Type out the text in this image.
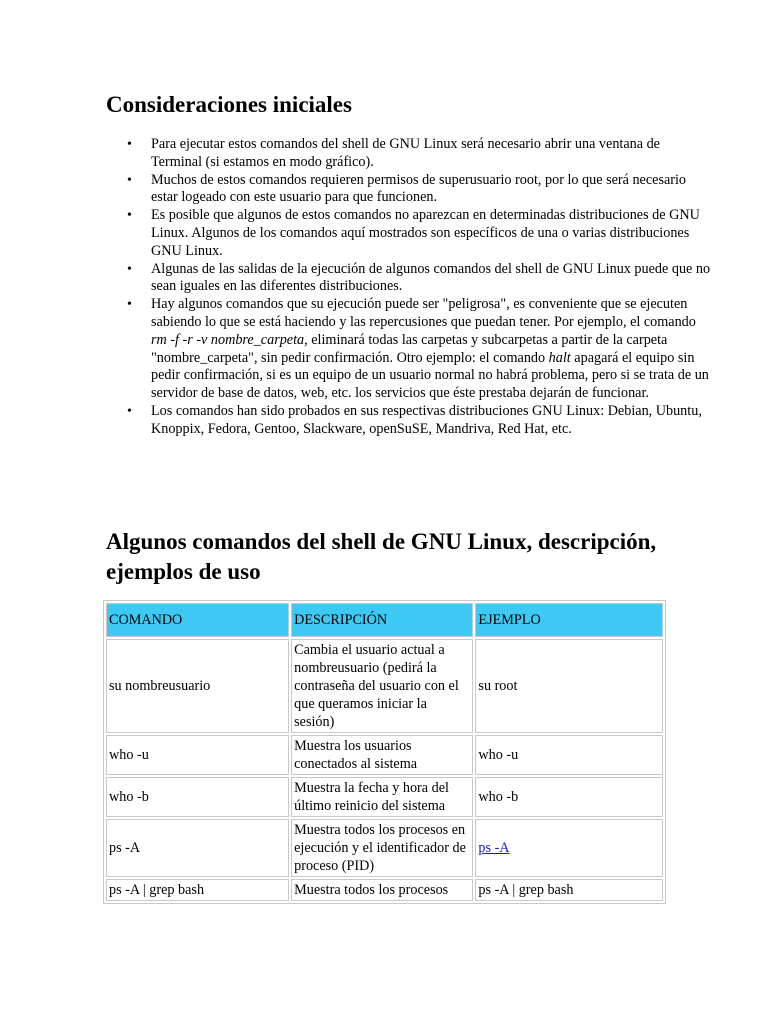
Consideraciones iniciales
• Para ejecutar estos comandos del shell de GNU Linux será necesario abrir una ventana de Terminal (si estamos en modo gráfico).
• Muchos de estos comandos requieren permisos de superusuario root, por lo que será necesario estar logeado con este usuario para que funcionen.
• Es posible que algunos de estos comandos no aparezcan en determinadas distribuciones de GNU Linux. Algunos de los comandos aquí mostrados son específicos de una o varias distribuciones GNU Linux.
• Algunas de las salidas de la ejecución de algunos comandos del shell de GNU Linux puede que no sean iguales en las diferentes distribuciones.
• Hay algunos comandos que su ejecución puede ser "peligrosa", es conveniente que se ejecuten sabiendo lo que se está haciendo y las repercusiones que puedan tener. Por ejemplo, el comando rm -f -r -v nombre_carpeta, eliminará todas las carpetas y subcarpetas a partir de la carpeta "nombre_carpeta", sin pedir confirmación. Otro ejemplo: el comando halt apagará el equipo sin pedir confirmación, si es un equipo de un usuario normal no habrá problema, pero si se trata de un servidor de base de datos, web, etc. los servicios que éste prestaba dejarán de funcionar.
• Los comandos han sido probados en sus respectivas distribuciones GNU Linux: Debian, Ubuntu, Knoppix, Fedora, Gentoo, Slackware, openSuSE, Mandriva, Red Hat, etc.
Algunos comandos del shell de GNU Linux, descripción, ejemplos de uso
COMANDO	DESCRIPCIÓN	EJEMPLO
su nombreusuario	Cambia el usuario actual a nombreusuario (pedirá la contraseña del usuario con el que queramos iniciar la sesión)	su root
who -u	Muestra los usuarios conectados al sistema	who -u
who -b	Muestra la fecha y hora del último reinicio del sistema	who -b
ps -A	Muestra todos los procesos en ejecución y el identificador de proceso (PID)	ps -A
ps -A | grep bash	Muestra todos los procesos	ps -A | grep bash
